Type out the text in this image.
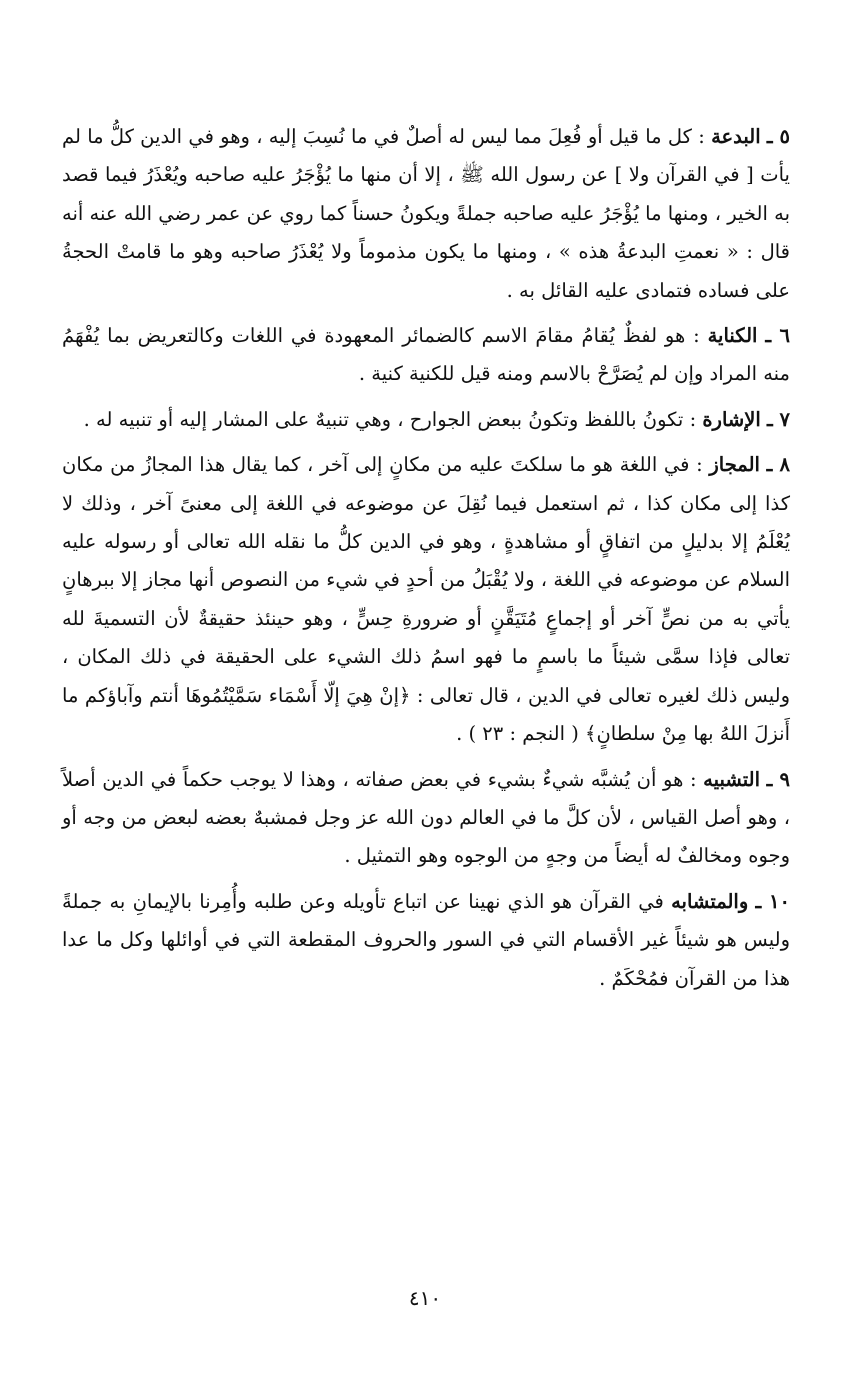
٥ ـ البدعة : كل ما قيل أو فُعِلَ مما ليس له أصلٌ في ما نُسِبَ إليه ، وهو في الدين كلُّ ما لم يأت [ في القرآن ولا ] عن رسول الله ﷺ ، إلا أن منها ما يُؤْجَرُ عليه صاحبه ويُعْذَرُ فيما قصد به الخير ، ومنها ما يُؤْجَرُ عليه صاحبه جملةً ويكونُ حسناً كما روي عن عمر رضي الله عنه أنه قال : « نعمتِ البدعةُ هذه » ، ومنها ما يكون مذموماً ولا يُعْذَرُ صاحبه وهو ما قامتْ الحجةُ على فساده فتمادى عليه القائل به .

٦ ـ الكناية : هو لفظٌ يُقامُ مقامَ الاسم كالضمائر المعهودة في اللغات وكالتعريض بما يُفْهَمُ منه المراد وإن لم يُصَرَّحْ بالاسم ومنه قيل للكنية كنية .

٧ ـ الإشارة : تكونُ باللفظ وتكونُ ببعض الجوارح ، وهي تنبيهٌ على المشار إليه أو تنبيه له .

٨ ـ المجاز : في اللغة هو ما سلكتَ عليه من مكانٍ إلى آخر ، كما يقال هذا المجازُ من مكان كذا إلى مكان كذا ، ثم استعمل فيما نُقِلَ عن موضوعه في اللغة إلى معنىً آخر ، وذلك لا يُعْلَمُ إلا بدليلٍ من اتفاقٍ أو مشاهدةٍ ، وهو في الدين كلُّ ما نقله الله تعالى أو رسوله عليه السلام عن موضوعه في اللغة ، ولا يُقْبَلُ من أحدٍ في شيء من النصوص أنها مجاز إلا ببرهانٍ يأتي به من نصٍّ آخر أو إجماعٍ مُتَيَقَّنٍ أو ضرورةِ حِسٍّ ، وهو حينئذ حقيقةٌ لأن التسميةَ لله تعالى فإذا سمَّى شيئاً ما باسمٍ ما فهو اسمُ ذلك الشيء على الحقيقة في ذلك المكان ، وليس ذلك لغيره تعالى في الدين ، قال تعالى : ﴿إنْ هِيَ إلّا أَسْمَاء سَمَّيْتُمُوهَا أنتم وآباؤكم ما أَنزلَ اللهُ بها مِنْ سلطانٍ﴾ ( النجم : ٢٣ ) .

٩ ـ التشبيه : هو أن يُشبَّه شيءٌ بشيء في بعض صفاته ، وهذا لا يوجب حكماً في الدين أصلاً ، وهو أصل القياس ، لأن كلَّ ما في العالم دون الله عز وجل فمشبهٌ بعضه لبعض من وجه أو وجوه ومخالفٌ له أيضاً من وجهٍ من الوجوه وهو التمثيل .

١٠ ـ والمتشابه في القرآن هو الذي نهينا عن اتباع تأويله وعن طلبه وأُمِرنا بالإيمانِ به جملةً وليس هو شيئاً غير الأقسام التي في السور والحروف المقطعة التي في أوائلها وكل ما عدا هذا من القرآن فمُحْكَمٌ .

٤١٠
